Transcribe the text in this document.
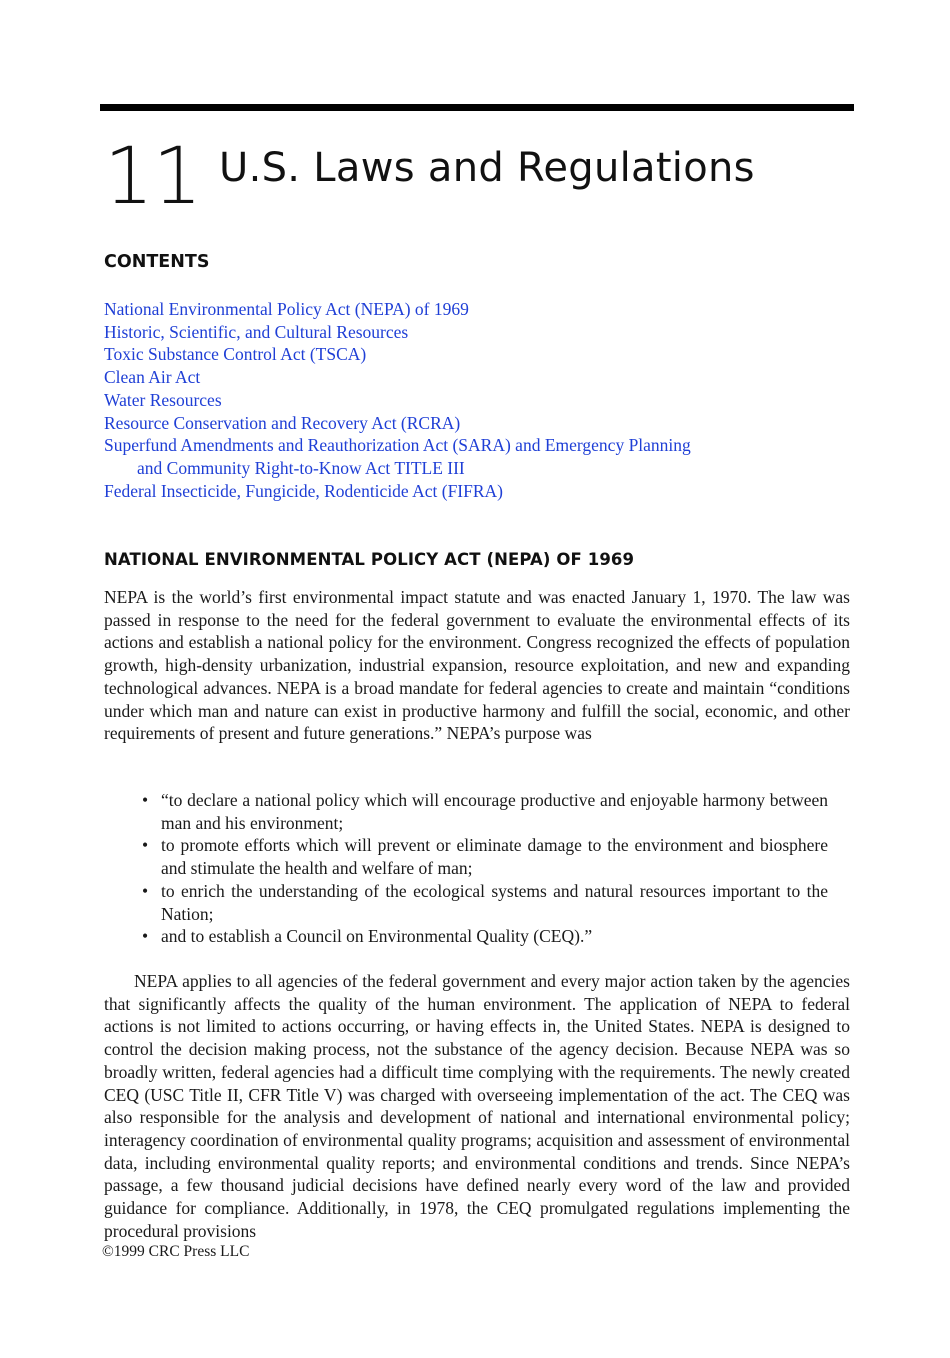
11 U.S. Laws and Regulations
CONTENTS
National Environmental Policy Act (NEPA) of 1969
Historic, Scientific, and Cultural Resources
Toxic Substance Control Act (TSCA)
Clean Air Act
Water Resources
Resource Conservation and Recovery Act (RCRA)
Superfund Amendments and Reauthorization Act (SARA) and Emergency Planning
and Community Right-to-Know Act TITLE III
Federal Insecticide, Fungicide, Rodenticide Act (FIFRA)
NATIONAL ENVIRONMENTAL POLICY ACT (NEPA) OF 1969

NEPA is the world’s first environmental impact statute and was enacted January 1, 1970. The law was passed in response to the need for the federal government to evaluate the environmental effects of its actions and establish a national policy for the environment. Congress recognized the effects of population growth, high-density urbanization, industrial expansion, resource exploitation, and new and expanding technological advances. NEPA is a broad mandate for federal agencies to create and maintain “conditions under which man and nature can exist in productive harmony and fulfill the social, economic, and other requirements of present and future generations.” NEPA’s purpose was

• “to declare a national policy which will encourage productive and enjoyable harmony between man and his environment;
• to promote efforts which will prevent or eliminate damage to the environment and biosphere and stimulate the health and welfare of man;
• to enrich the understanding of the ecological systems and natural resources important to the Nation;
• and to establish a Council on Environmental Quality (CEQ).”

NEPA applies to all agencies of the federal government and every major action taken by the agencies that significantly affects the quality of the human environment. The application of NEPA to federal actions is not limited to actions occurring, or having effects in, the United States. NEPA is designed to control the decision making process, not the substance of the agency decision. Because NEPA was so broadly written, federal agencies had a difficult time complying with the requirements. The newly created CEQ (USC Title II, CFR Title V) was charged with overseeing implementation of the act. The CEQ was also responsible for the analysis and development of national and international environmental policy; interagency coordination of environmental quality programs; acquisition and assessment of environmental data, including environmental quality reports; and environmental conditions and trends. Since NEPA’s passage, a few thousand judicial decisions have defined nearly every word of the law and provided guidance for compliance. Additionally, in 1978, the CEQ promulgated regulations implementing the procedural provisions

©1999 CRC Press LLC
